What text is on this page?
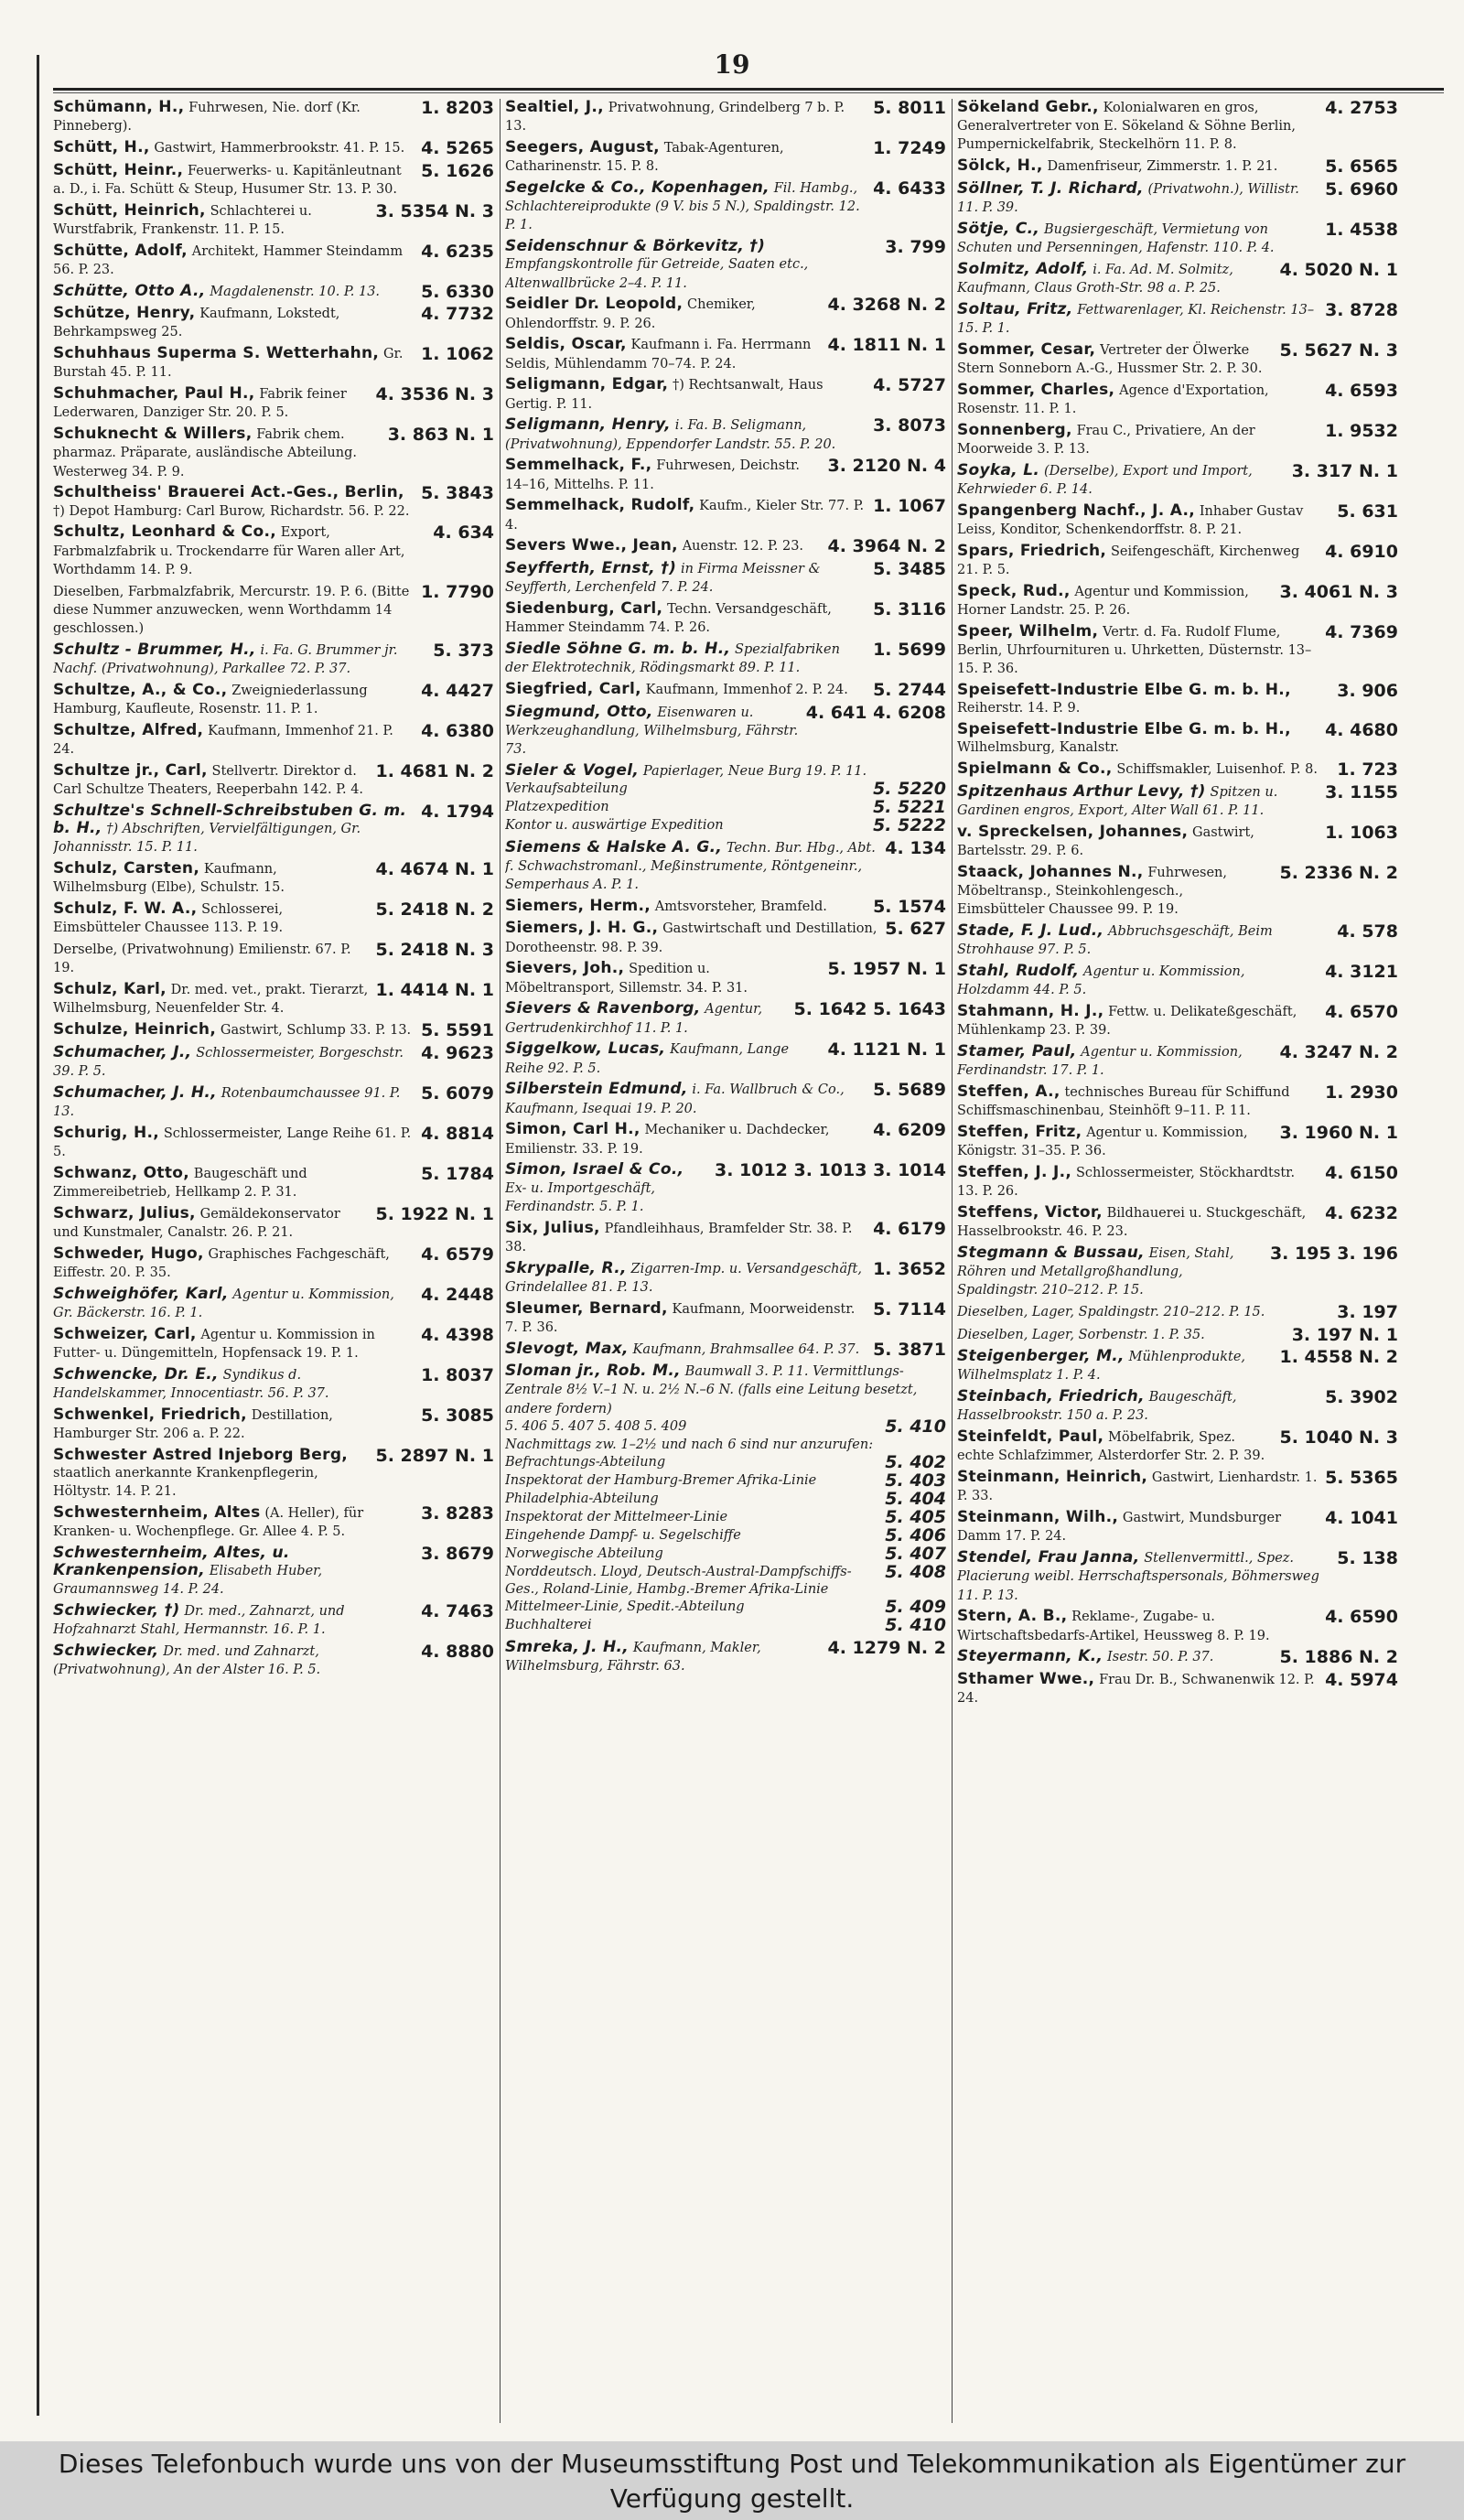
19
1. 8203
Schümann, H., Fuhrwesen, Nie. dorf (Kr. Pinneberg).
4. 5265
Schütt, H., Gastwirt, Hammerbrookstr. 41. P. 15.
5. 1626
Schütt, Heinr., Feuerwerks- u. Kapitänleutnant a. D., i. Fa. Schütt & Steup, Husumer Str. 13. P. 30.
3. 5354 N. 3
Schütt, Heinrich, Schlachterei u. Wurstfabrik, Frankenstr. 11. P. 15.
4. 6235
Schütte, Adolf, Architekt, Hammer Steindamm 56. P. 23.
5. 6330
Schütte, Otto A., Magdalenenstr. 10. P. 13.
4. 7732
Schütze, Henry, Kaufmann, Lokstedt, Behrkampsweg 25.
1. 1062
Schuhhaus Superma S. Wetterhahn, Gr. Burstah 45. P. 11.
4. 3536 N. 3
Schuhmacher, Paul H., Fabrik feiner Lederwaren, Danziger Str. 20. P. 5.
3. 863 N. 1
Schuknecht & Willers, Fabrik chem. pharmaz. Präparate, ausländische Abteilung. Westerweg 34. P. 9.
5. 3843
Schultheiss' Brauerei Act.-Ges., Berlin, †) Depot Hamburg: Carl Burow, Richardstr. 56. P. 22.
4. 634
Schultz, Leonhard & Co., Export, Farbmalzfabrik u. Trockendarre für Waren aller Art, Worthdamm 14. P. 9.
1. 7790
Dieselben, Farbmalzfabrik, Mercurstr. 19. P. 6. (Bitte diese Nummer anzuwecken, wenn Worthdamm 14 geschlossen.)
5. 373
Schultz - Brummer, H., i. Fa. G. Brummer jr. Nachf. (Privatwohnung), Parkallee 72. P. 37.
4. 4427
Schultze, A., & Co., Zweigniederlassung Hamburg, Kaufleute, Rosenstr. 11. P. 1.
4. 6380
Schultze, Alfred, Kaufmann, Immenhof 21. P. 24.
1. 4681 N. 2
Schultze jr., Carl, Stellvertr. Direktor d. Carl Schultze Theaters, Reeperbahn 142. P. 4.
4. 1794
Schultze's Schnell-Schreibstuben G. m. b. H., †) Abschriften, Vervielfältigungen, Gr. Johannisstr. 15. P. 11.
4. 4674 N. 1
Schulz, Carsten, Kaufmann, Wilhelmsburg (Elbe), Schulstr. 15.
5. 2418 N. 2
Schulz, F. W. A., Schlosserei, Eimsbütteler Chaussee 113. P. 19.
5. 2418 N. 3
Derselbe, (Privatwohnung) Emilienstr. 67. P. 19.
1. 4414 N. 1
Schulz, Karl, Dr. med. vet., prakt. Tierarzt, Wilhelmsburg, Neuenfelder Str. 4.
5. 5591
Schulze, Heinrich, Gastwirt, Schlump 33. P. 13.
4. 9623
Schumacher, J., Schlossermeister, Borgeschstr. 39. P. 5.
5. 6079
Schumacher, J. H., Rotenbaumchaussee 91. P. 13.
4. 8814
Schurig, H., Schlossermeister, Lange Reihe 61. P. 5.
5. 1784
Schwanz, Otto, Baugeschäft und Zimmereibetrieb, Hellkamp 2. P. 31.
5. 1922 N. 1
Schwarz, Julius, Gemäldekonservator und Kunstmaler, Canalstr. 26. P. 21.
4. 6579
Schweder, Hugo, Graphisches Fachgeschäft, Eiffestr. 20. P. 35.
4. 2448
Schweighöfer, Karl, Agentur u. Kommission, Gr. Bäckerstr. 16. P. 1.
4. 4398
Schweizer, Carl, Agentur u. Kommission in Futter- u. Düngemitteln, Hopfensack 19. P. 1.
1. 8037
Schwencke, Dr. E., Syndikus d. Handelskammer, Innocentiastr. 56. P. 37.
5. 3085
Schwenkel, Friedrich, Destillation, Hamburger Str. 206 a. P. 22.
5. 2897 N. 1
Schwester Astred Injeborg Berg, staatlich anerkannte Krankenpflegerin, Höltystr. 14. P. 21.
3. 8283
Schwesternheim, Altes (A. Heller), für Kranken- u. Wochenpflege. Gr. Allee 4. P. 5.
3. 8679
Schwesternheim, Altes, u. Krankenpension, Elisabeth Huber, Graumannsweg 14. P. 24.
4. 7463
Schwiecker, †) Dr. med., Zahnarzt, und Hofzahnarzt Stahl, Hermannstr. 16. P. 1.
4. 8880
Schwiecker, Dr. med. und Zahnarzt, (Privatwohnung), An der Alster 16. P. 5.
5. 8011
Sealtiel, J., Privatwohnung, Grindelberg 7 b. P. 13.
1. 7249
Seegers, August, Tabak-Agenturen, Catharinenstr. 15. P. 8.
4. 6433
Segelcke & Co., Kopenhagen, Fil. Hambg., Schlachtereiprodukte (9 V. bis 5 N.), Spaldingstr. 12. P. 1.
3. 799
Seidenschnur & Börkevitz, †) Empfangskontrolle für Getreide, Saaten etc., Altenwallbrücke 2–4. P. 11.
4. 3268 N. 2
Seidler Dr. Leopold, Chemiker, Ohlendorffstr. 9. P. 26.
4. 1811 N. 1
Seldis, Oscar, Kaufmann i. Fa. Herrmann Seldis, Mühlendamm 70–74. P. 24.
4. 5727
Seligmann, Edgar, †) Rechtsanwalt, Haus Gertig. P. 11.
3. 8073
Seligmann, Henry, i. Fa. B. Seligmann, (Privatwohnung), Eppendorfer Landstr. 55. P. 20.
3. 2120 N. 4
Semmelhack, F., Fuhrwesen, Deichstr. 14–16, Mittelhs. P. 11.
1. 1067
Semmelhack, Rudolf, Kaufm., Kieler Str. 77. P. 4.
4. 3964 N. 2
Severs Wwe., Jean, Auenstr. 12. P. 23.
5. 3485
Seyfferth, Ernst, †) in Firma Meissner & Seyfferth, Lerchenfeld 7. P. 24.
5. 3116
Siedenburg, Carl, Techn. Versandgeschäft, Hammer Steindamm 74. P. 26.
1. 5699
Siedle Söhne G. m. b. H., Spezialfabriken der Elektrotechnik, Rödingsmarkt 89. P. 11.
5. 2744
Siegfried, Carl, Kaufmann, Immenhof 2. P. 24.
4. 641 4. 6208
Siegmund, Otto, Eisenwaren u. Werkzeughandlung, Wilhelmsburg, Fährstr. 73.
Sieler & Vogel, Papierlager, Neue Burg 19. P. 11.
5. 5220
Verkaufsabteilung
5. 5221
Platzexpedition
5. 5222
Kontor u. auswärtige Expedition
4. 134
Siemens & Halske A. G., Techn. Bur. Hbg., Abt. f. Schwachstromanl., Meßinstrumente, Röntgeneinr., Semperhaus A. P. 1.
5. 1574
Siemers, Herm., Amtsvorsteher, Bramfeld.
5. 627
Siemers, J. H. G., Gastwirtschaft und Destillation, Dorotheenstr. 98. P. 39.
5. 1957 N. 1
Sievers, Joh., Spedition u. Möbeltransport, Sillemstr. 34. P. 31.
5. 1642 5. 1643
Sievers & Ravenborg, Agentur, Gertrudenkirchhof 11. P. 1.
4. 1121 N. 1
Siggelkow, Lucas, Kaufmann, Lange Reihe 92. P. 5.
5. 5689
Silberstein Edmund, i. Fa. Wallbruch & Co., Kaufmann, Isequai 19. P. 20.
4. 6209
Simon, Carl H., Mechaniker u. Dachdecker, Emilienstr. 33. P. 19.
3. 1012 3. 1013 3. 1014
Simon, Israel & Co., Ex- u. Importgeschäft, Ferdinandstr. 5. P. 1.
4. 6179
Six, Julius, Pfandleihhaus, Bramfelder Str. 38. P. 38.
1. 3652
Skrypalle, R., Zigarren-Imp. u. Versandgeschäft, Grindelallee 81. P. 13.
5. 7114
Sleumer, Bernard, Kaufmann, Moorweidenstr. 7. P. 36.
5. 3871
Slevogt, Max, Kaufmann, Brahmsallee 64. P. 37.
Sloman jr., Rob. M., Baumwall 3. P. 11. Vermittlungs-Zentrale 8½ V.–1 N. u. 2½ N.–6 N. (falls eine Leitung besetzt, andere fordern)
5. 410
5. 406 5. 407 5. 408 5. 409
Nachmittags zw. 1–2½ und nach 6 sind nur anzurufen:
5. 402
Befrachtungs-Abteilung
5. 403
Inspektorat der Hamburg-Bremer Afrika-Linie
5. 404
Philadelphia-Abteilung
5. 405
Inspektorat der Mittelmeer-Linie
5. 406
Eingehende Dampf- u. Segelschiffe
5. 407
Norwegische Abteilung
5. 408
Norddeutsch. Lloyd, Deutsch-Austral-Dampfschiffs-Ges., Roland-Linie, Hambg.-Bremer Afrika-Linie
5. 409
Mittelmeer-Linie, Spedit.-Abteilung
5. 410
Buchhalterei
4. 1279 N. 2
Smreka, J. H., Kaufmann, Makler, Wilhelmsburg, Fährstr. 63.
4. 2753
Sökeland Gebr., Kolonialwaren en gros, Generalvertreter von E. Sökeland & Söhne Berlin, Pumpernickelfabrik, Steckelhörn 11. P. 8.
5. 6565
Sölck, H., Damenfriseur, Zimmerstr. 1. P. 21.
5. 6960
Söllner, T. J. Richard, (Privatwohn.), Willistr. 11. P. 39.
1. 4538
Sötje, C., Bugsiergeschäft, Vermietung von Schuten und Persenningen, Hafenstr. 110. P. 4.
4. 5020 N. 1
Solmitz, Adolf, i. Fa. Ad. M. Solmitz, Kaufmann, Claus Groth-Str. 98 a. P. 25.
3. 8728
Soltau, Fritz, Fettwarenlager, Kl. Reichenstr. 13–15. P. 1.
5. 5627 N. 3
Sommer, Cesar, Vertreter der Ölwerke Stern Sonneborn A.-G., Hussmer Str. 2. P. 30.
4. 6593
Sommer, Charles, Agence d'Exportation, Rosenstr. 11. P. 1.
1. 9532
Sonnenberg, Frau C., Privatiere, An der Moorweide 3. P. 13.
3. 317 N. 1
Soyka, L. (Derselbe), Export und Import, Kehrwieder 6. P. 14.
5. 631
Spangenberg Nachf., J. A., Inhaber Gustav Leiss, Konditor, Schenkendorffstr. 8. P. 21.
4. 6910
Spars, Friedrich, Seifengeschäft, Kirchenweg 21. P. 5.
3. 4061 N. 3
Speck, Rud., Agentur und Kommission, Horner Landstr. 25. P. 26.
4. 7369
Speer, Wilhelm, Vertr. d. Fa. Rudolf Flume, Berlin, Uhrfournituren u. Uhrketten, Düsternstr. 13–15. P. 36.
3. 906
Speisefett-Industrie Elbe G. m. b. H., Reiherstr. 14. P. 9.
4. 4680
Speisefett-Industrie Elbe G. m. b. H., Wilhelmsburg, Kanalstr.
1. 723
Spielmann & Co., Schiffsmakler, Luisenhof. P. 8.
3. 1155
Spitzenhaus Arthur Levy, †) Spitzen u. Gardinen engros, Export, Alter Wall 61. P. 11.
1. 1063
v. Spreckelsen, Johannes, Gastwirt, Bartelsstr. 29. P. 6.
5. 2336 N. 2
Staack, Johannes N., Fuhrwesen, Möbeltransp., Steinkohlengesch., Eimsbütteler Chaussee 99. P. 19.
4. 578
Stade, F. J. Lud., Abbruchsgeschäft, Beim Strohhause 97. P. 5.
4. 3121
Stahl, Rudolf, Agentur u. Kommission, Holzdamm 44. P. 5.
4. 6570
Stahmann, H. J., Fettw. u. Delikateßgeschäft, Mühlenkamp 23. P. 39.
4. 3247 N. 2
Stamer, Paul, Agentur u. Kommission, Ferdinandstr. 17. P. 1.
1. 2930
Steffen, A., technisches Bureau für Schiffund Schiffsmaschinenbau, Steinhöft 9–11. P. 11.
3. 1960 N. 1
Steffen, Fritz, Agentur u. Kommission, Königstr. 31–35. P. 36.
4. 6150
Steffen, J. J., Schlossermeister, Stöckhardtstr. 13. P. 26.
4. 6232
Steffens, Victor, Bildhauerei u. Stuckgeschäft, Hasselbrookstr. 46. P. 23.
3. 195 3. 196
Stegmann & Bussau, Eisen, Stahl, Röhren und Metallgroßhandlung, Spaldingstr. 210–212. P. 15.
3. 197
Dieselben, Lager, Spaldingstr. 210–212. P. 15.
3. 197 N. 1
Dieselben, Lager, Sorbenstr. 1. P. 35.
1. 4558 N. 2
Steigenberger, M., Mühlenprodukte, Wilhelmsplatz 1. P. 4.
5. 3902
Steinbach, Friedrich, Baugeschäft, Hasselbrookstr. 150 a. P. 23.
5. 1040 N. 3
Steinfeldt, Paul, Möbelfabrik, Spez. echte Schlafzimmer, Alsterdorfer Str. 2. P. 39.
5. 5365
Steinmann, Heinrich, Gastwirt, Lienhardstr. 1. P. 33.
4. 1041
Steinmann, Wilh., Gastwirt, Mundsburger Damm 17. P. 24.
5. 138
Stendel, Frau Janna, Stellenvermittl., Spez. Placierung weibl. Herrschaftspersonals, Böhmersweg 11. P. 13.
4. 6590
Stern, A. B., Reklame-, Zugabe- u. Wirtschaftsbedarfs-Artikel, Heussweg 8. P. 19.
5. 1886 N. 2
Steyermann, K., Isestr. 50. P. 37.
4. 5974
Sthamer Wwe., Frau Dr. B., Schwanenwik 12. P. 24.
Dieses Telefonbuch wurde uns von der Museumsstiftung Post und Telekommunikation als Eigentümer zur Verfügung gestellt.
